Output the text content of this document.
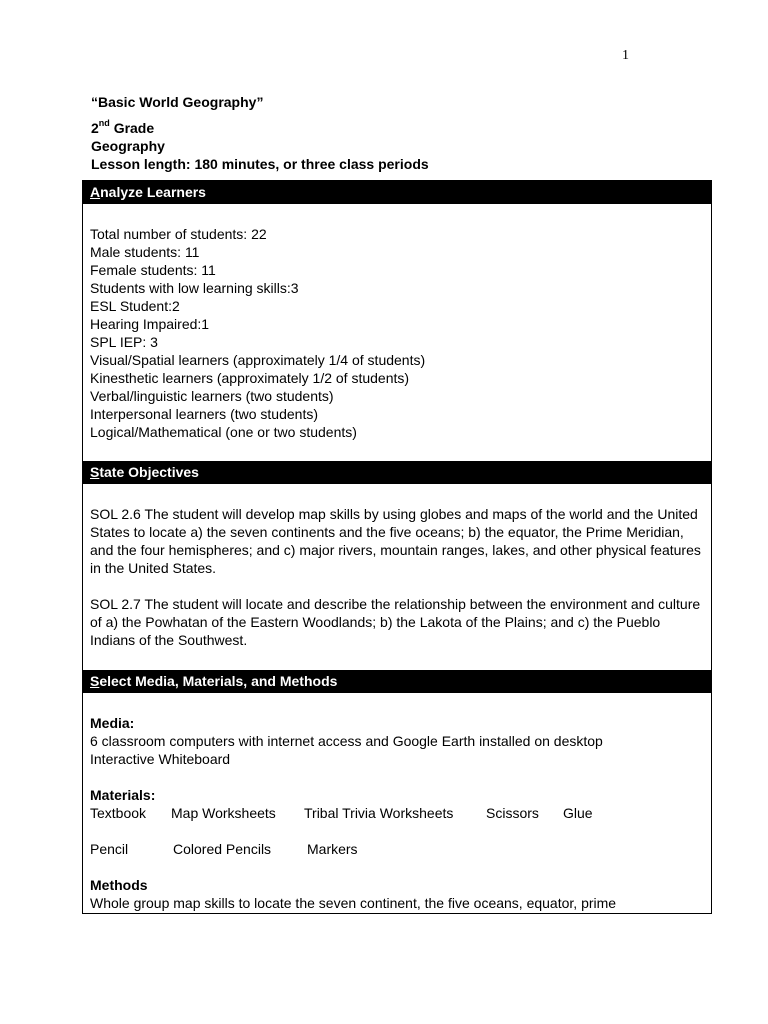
1
“Basic World Geography”
2nd Grade
Geography
Lesson length: 180 minutes, or three class periods
Analyze Learners
Total number of students: 22
Male students: 11
Female students: 11
Students with low learning skills:3
ESL Student:2
Hearing Impaired:1
SPL IEP: 3
Visual/Spatial learners (approximately 1/4 of students)
Kinesthetic learners (approximately 1/2 of students)
Verbal/linguistic learners (two students)
Interpersonal learners (two students)
Logical/Mathematical (one or two students)
State Objectives
SOL 2.6 The student will develop map skills by using globes and maps of the world and the United States to locate a) the seven continents and the five oceans; b) the equator, the Prime Meridian, and the four hemispheres; and c) major rivers, mountain ranges, lakes, and other physical features in the United States.
SOL 2.7 The student will locate and describe the relationship between the environment and culture of a) the Powhatan of the Eastern Woodlands; b) the Lakota of the Plains; and c) the Pueblo Indians of the Southwest.
Select Media, Materials, and Methods
Media:
6 classroom computers with internet access and Google Earth installed on desktop
Interactive Whiteboard
Materials:
Textbook Map Worksheets Tribal Trivia Worksheets Scissors Glue
Pencil	Colored Pencils	Markers
Methods
Whole group map skills to locate the seven continent, the five oceans, equator, prime
